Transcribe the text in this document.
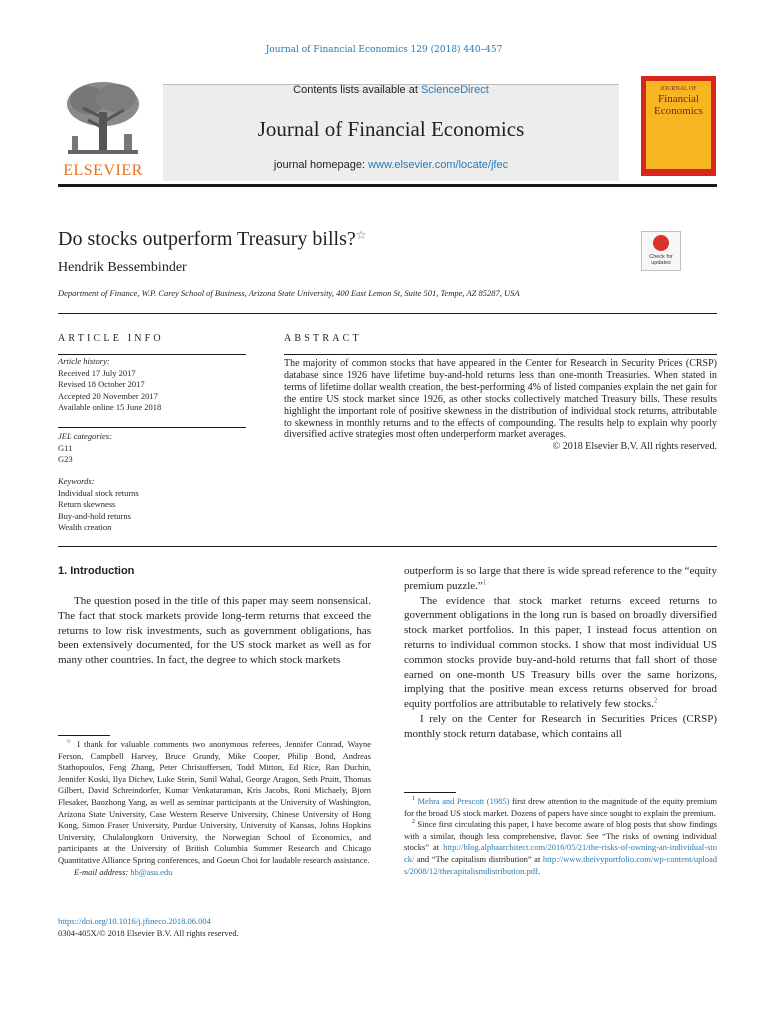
Journal of Financial Economics 129 (2018) 440–457
ELSEVIER
Contents lists available at ScienceDirect
Journal of Financial Economics
journal homepage: www.elsevier.com/locate/jfec
JOURNAL OF
Financial Economics
Do stocks outperform Treasury bills?☆
Check for updates
Hendrik Bessembinder
Department of Finance, W.P. Carey School of Business, Arizona State University, 400 East Lemon St, Suite 501, Tempe, AZ 85287, USA
ARTICLE INFO
Article history:
Received 17 July 2017
Revised 18 October 2017
Accepted 20 November 2017
Available online 15 June 2018
JEL categories:
G11
G23
Keywords:
Individual stock returns
Return skewness
Buy-and-hold returns
Wealth creation
ABSTRACT
The majority of common stocks that have appeared in the Center for Research in Security Prices (CRSP) database since 1926 have lifetime buy-and-hold returns less than one-month Treasuries. When stated in terms of lifetime dollar wealth creation, the best-performing 4% of listed companies explain the net gain for the entire US stock market since 1926, as other stocks collectively matched Treasury bills. These results highlight the important role of positive skewness in the distribution of individual stock returns, attributable to skewness in monthly returns and to the effects of compounding. The results help to explain why poorly diversified active strategies most often underperform market averages.
© 2018 Elsevier B.V. All rights reserved.
1. Introduction

The question posed in the title of this paper may seem nonsensical. The fact that stock markets provide long-term returns that exceed the returns to low risk investments, such as government obligations, has been extensively documented, for the US stock market as well as for many other countries. In fact, the degree to which stock markets

outperform is so large that there is wide spread reference to the “equity premium puzzle.”$^1$

The evidence that stock market returns exceed returns to government obligations in the long run is based on broadly diversified stock market portfolios. In this paper, I instead focus attention on returns to individual common stocks. I show that most individual US common stocks provide buy-and-hold returns that fall short of those earned on one-month US Treasury bills over the same horizons, implying that the positive mean excess returns observed for broad equity portfolios are attributable to relatively few stocks.$^2$

I rely on the Center for Research in Securities Prices (CRSP) monthly stock return database, which contains all

☆ I thank for valuable comments two anonymous referees, Jennifer Conrad, Wayne Ferson, Campbell Harvey, Bruce Grundy, Mike Cooper, Philip Bond, Andreas Stathopoulos, Feng Zhang, Peter Christoffersen, Todd Mitton, Ed Rice, Ran Duchin, Jennifer Koski, Ilya Dichev, Luke Stein, Sunil Wahal, George Aragon, Seth Pruitt, Thomas Gilbert, David Schreindorfer, Kumar Venkataraman, Kris Jacobs, Roni Michaely, Bjorn Flesaker, Baozhong Yang, as well as seminar participants at the University of Washington, Arizona State University, Case Western Reserve University, Chinese University of Hong Kong, Simon Fraser University, Purdue University, University of Kansas, Johns Hopkins University, Chulalongkorn University, the Norwegian School of Economics, and participants at the University of British Columbia Summer Research and Chicago Quantitative Alliance Spring conferences, and Goeun Choi for laudable research assistance.

E-mail address: hb@asu.edu

$^1$ Mehra and Prescott (1985) first drew attention to the magnitude of the equity premium for the broad US stock market. Dozens of papers have since sought to explain the premium.

$^2$ Since first circulating this paper, I have become aware of blog posts that show findings with a similar, though less comprehensive, flavor. See “The risks of owning individual stocks” at http://blog.alphaarchitect.com/2016/05/21/the-risks-of-owning-an-individual-stock/ and “The capitalism distribution” at http://www.theivyportfolio.com/wp-content/uploads/2008/12/thecapitalismdistribution.pdf.

https://doi.org/10.1016/j.jfineco.2018.06.004
0304-405X/© 2018 Elsevier B.V. All rights reserved.
